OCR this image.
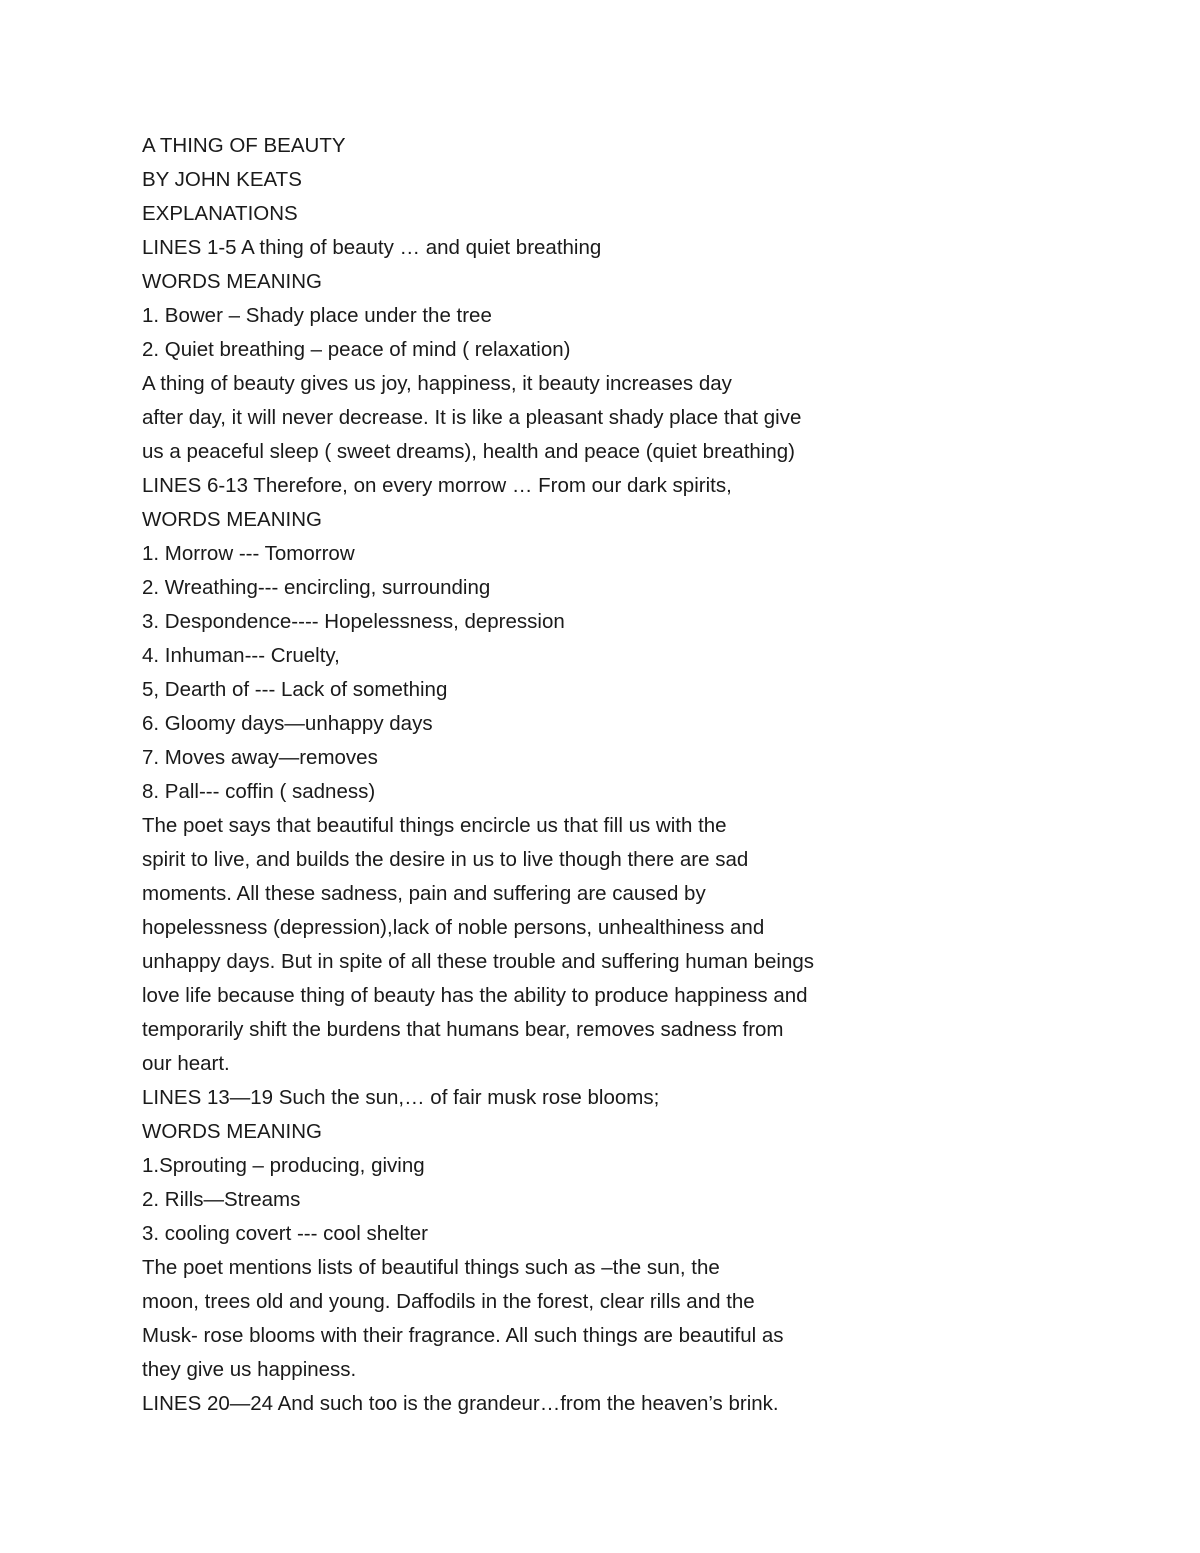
A THING OF BEAUTY
BY JOHN KEATS
EXPLANATIONS
LINES 1-5 A thing of beauty … and quiet breathing
WORDS MEANING
1. Bower – Shady place under the tree
2. Quiet breathing – peace of mind ( relaxation)
A thing of beauty gives us joy, happiness, it beauty increases day
after day, it will never decrease. It is like a pleasant shady place that give
us a peaceful sleep ( sweet dreams), health and peace (quiet breathing)
LINES 6-13 Therefore, on every morrow … From our dark spirits,
WORDS MEANING
1. Morrow --- Tomorrow
2. Wreathing--- encircling, surrounding
3. Despondence---- Hopelessness, depression
4. Inhuman--- Cruelty,
5, Dearth of --- Lack of something
6. Gloomy days—unhappy days
7. Moves away—removes
8. Pall--- coffin ( sadness)
The poet says that beautiful things encircle us that fill us with the
spirit to live, and builds the desire in us to live though there are sad
moments. All these sadness, pain and suffering are caused by
hopelessness (depression),lack of noble persons, unhealthiness and
unhappy days. But in spite of all these trouble and suffering human beings
love life because thing of beauty has the ability to produce happiness and
temporarily shift the burdens that humans bear, removes sadness from
our heart.
LINES 13—19 Such the sun,… of fair musk rose blooms;
WORDS MEANING
1.Sprouting – producing, giving
2. Rills—Streams
3. cooling covert --- cool shelter
The poet mentions lists of beautiful things such as –the sun, the
moon, trees old and young. Daffodils in the forest, clear rills and the
Musk- rose blooms with their fragrance. All such things are beautiful as
they give us happiness.
LINES 20—24 And such too is the grandeur…from the heaven’s brink.
